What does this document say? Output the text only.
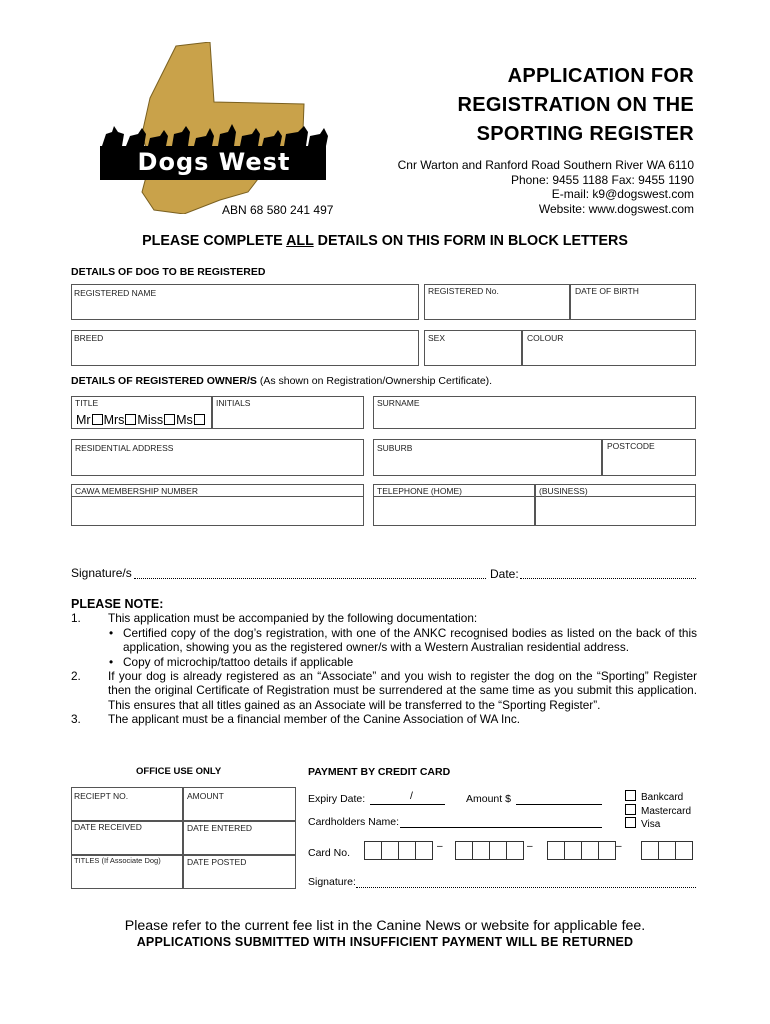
Dogs West
APPLICATION FOR
REGISTRATION ON THE
SPORTING REGISTER
Cnr Warton and Ranford Road Southern River WA 6110
Phone: 9455 1188 Fax: 9455 1190
E-mail: k9@dogswest.com
Website: www.dogswest.com
ABN 68 580 241 497
PLEASE COMPLETE ALL DETAILS ON THIS FORM IN BLOCK LETTERS
DETAILS OF DOG TO BE REGISTERED
REGISTERED NAME	REGISTERED No.	DATE OF BIRTH
BREED	SEX	COLOUR
DETAILS OF REGISTERED OWNER/S (As shown on Registration/Ownership Certificate).
TITLE
Mr Mrs Miss Ms
INITIALS	SURNAME
RESIDENTIAL ADDRESS	SUBURB	POSTCODE
CAWA MEMBERSHIP NUMBER	TELEPHONE (HOME)	(BUSINESS)
Signature/s	Date:
PLEASE NOTE:
1. This application must be accompanied by the following documentation:
• Certified copy of the dog’s registration, with one of the ANKC recognised bodies as listed on the back of this application, showing you as the registered owner/s with a Western Australian residential address.
• Copy of microchip/tattoo details if applicable
2. If your dog is already registered as an “Associate” and you wish to register the dog on the “Sporting” Register then the original Certificate of Registration must be surrendered at the same time as you submit this application. This ensures that all titles gained as an Associate will be transferred to the “Sporting Register”.
3. The applicant must be a financial member of the Canine Association of WA Inc.
OFFICE USE ONLY
RECIEPT NO.	AMOUNT
DATE RECEIVED	DATE ENTERED
TITLES (If Associate Dog)	DATE POSTED
PAYMENT BY CREDIT CARD
Expiry Date:	/	Amount $
Cardholders Name:
Bankcard
Mastercard
Visa
Card No.
–	–	–
Signature:
Please refer to the current fee list in the Canine News or website for applicable fee.
APPLICATIONS SUBMITTED WITH INSUFFICIENT PAYMENT WILL BE RETURNED
